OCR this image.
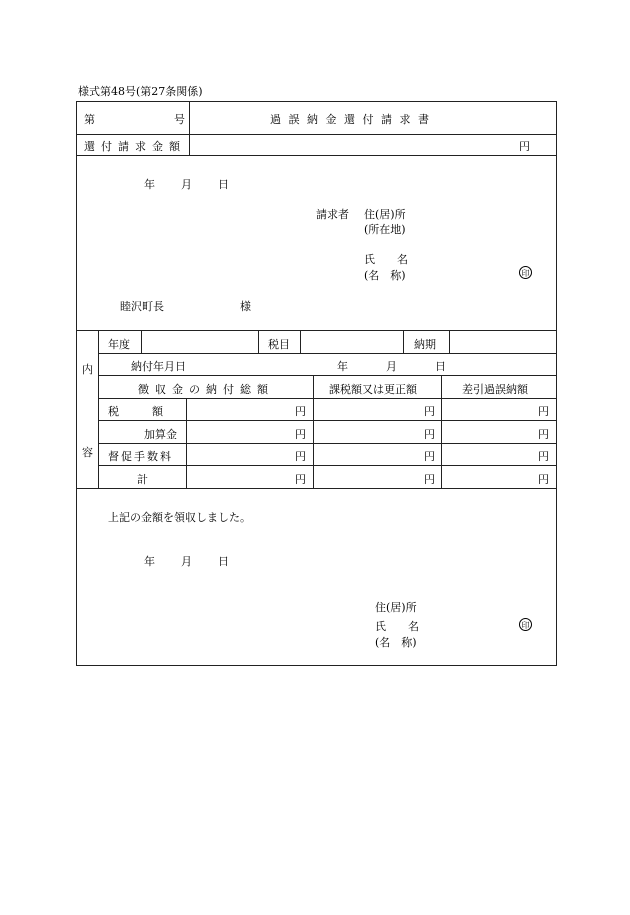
様式第48号(第27条関係)
第	号	過 誤 納 金 還 付 請 求 書
還付請求金額	円
年 月 日
請求者 住(居)所
(所在地)
氏　　名
(名　称)	印
睦沢町長	様
内
容
年度	税目	納期
納付年月日	年	月	日
徴収金の納付総額	課税額又は更正額	差引過誤納額
税　　　額	円	円	円
加算金	円	円	円
督促手数料	円	円	円
計	円	円	円
上記の金額を領収しました。
年 月 日
住(居)所
氏　　名
(名　称)
印
